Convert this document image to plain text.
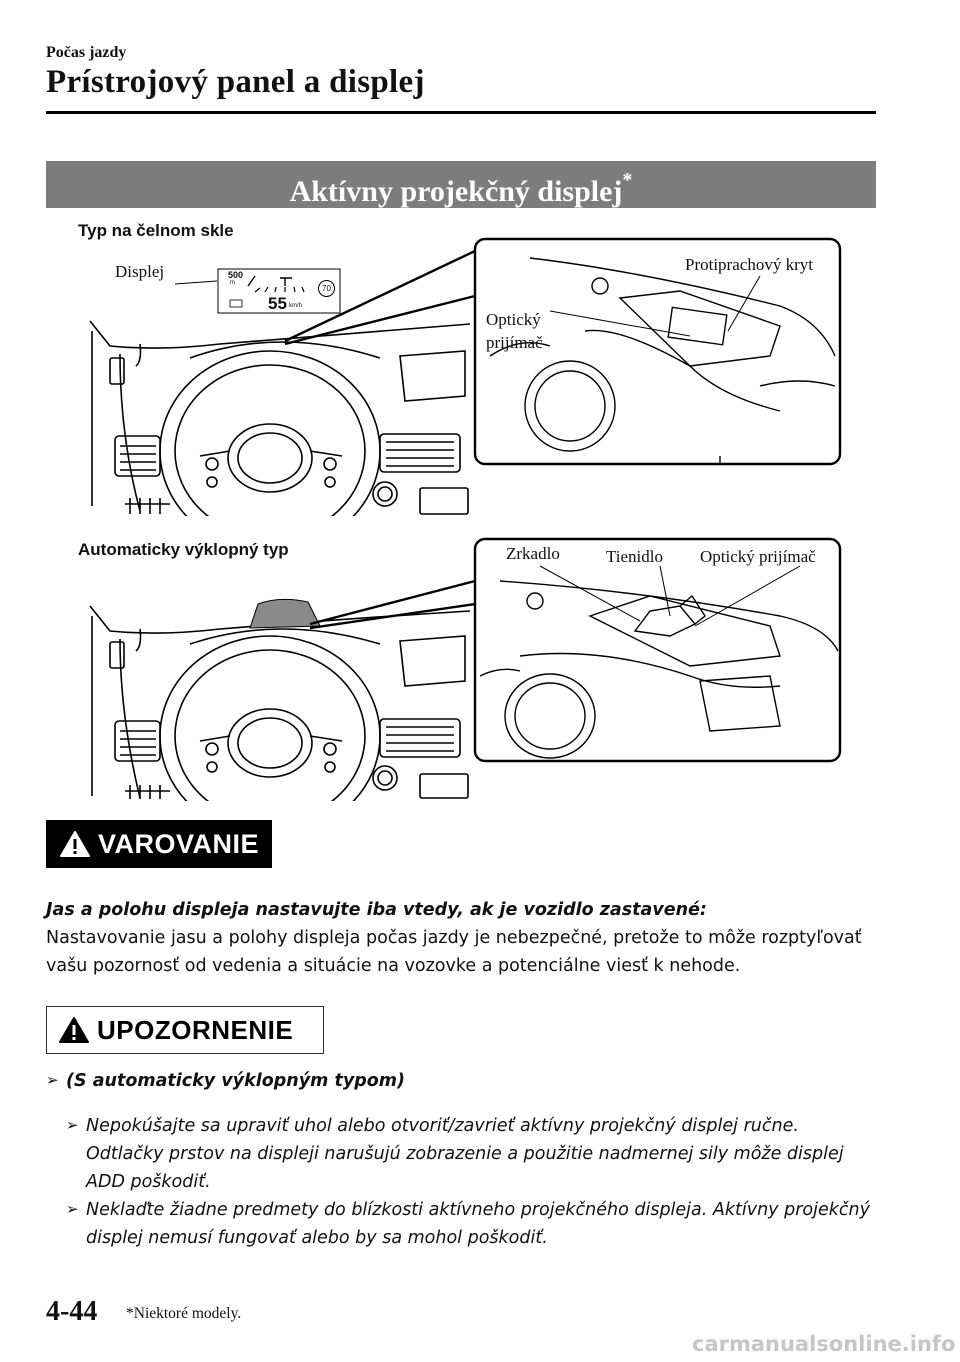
Počas jazdy
Prístrojový panel a displej
Aktívny projekčný displej*
Typ na čelnom skle
500
m
55 km/h
70
Displej	Protiprachový kryt
Optický
prijímač
Automaticky výklopný typ	Zrkadlo	Tienidlo Optický prijímač
VAROVANIE
Jas a polohu displeja nastavujte iba vtedy, ak je vozidlo zastavené:
Nastavovanie jasu a polohy displeja počas jazdy je nebezpečné, pretože to môže rozptyľovať
vašu pozornosť od vedenia a situácie na vozovke a potenciálne viesť k nehode.
UPOZORNENIE
➢ (S automaticky výklopným typom)
➢ Nepokúšajte sa upraviť uhol alebo otvoriť/zavrieť aktívny projekčný displej ručne.
Odtlačky prstov na displeji narušujú zobrazenie a použitie nadmernej sily môže displej
ADD poškodiť.
➢ Neklaďte žiadne predmety do blízkosti aktívneho projekčného displeja. Aktívny projekčný
displej nemusí fungovať alebo by sa mohol poškodiť.
4-44 *Niektoré modely.
carmanualsonline.info
